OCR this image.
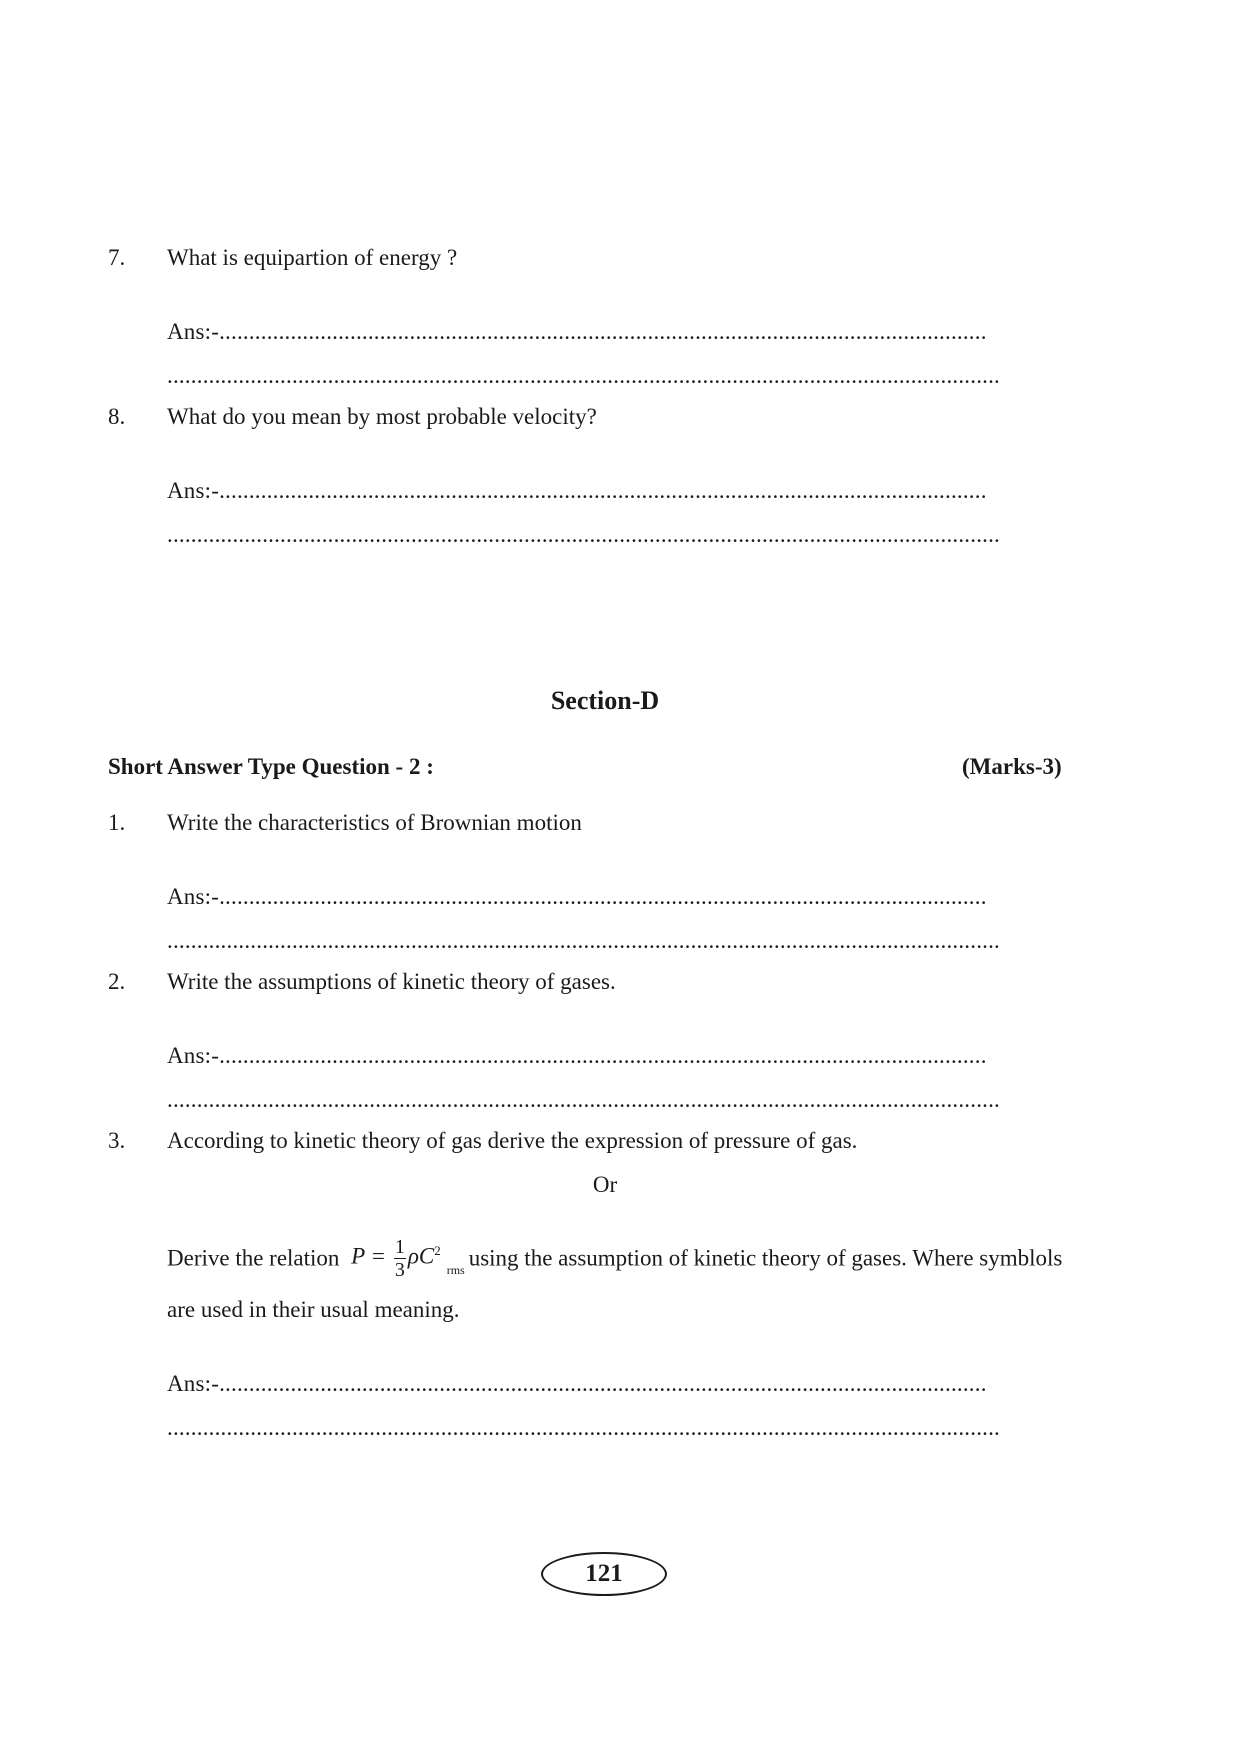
7. What is equipartion of energy ?
Ans:-.................................................................................................................................
............................................................................................................................................
8. What do you mean by most probable velocity?
Ans:-.................................................................................................................................
............................................................................................................................................
Section-D
Short Answer Type Question - 2 :	(Marks-3)
1. Write the characteristics of Brownian motion
Ans:-.................................................................................................................................
............................................................................................................................................
2. Write the assumptions of kinetic theory of gases.
Ans:-.................................................................................................................................
............................................................................................................................................
3. According to kinetic theory of gas derive the expression of pressure of gas.
Or
Derive the relation $P = \frac{1}{3} \rho C^2_{rms}$ using the assumption of kinetic theory of gases. Where symblols
are used in their usual meaning.
Ans:-.................................................................................................................................
............................................................................................................................................
121
